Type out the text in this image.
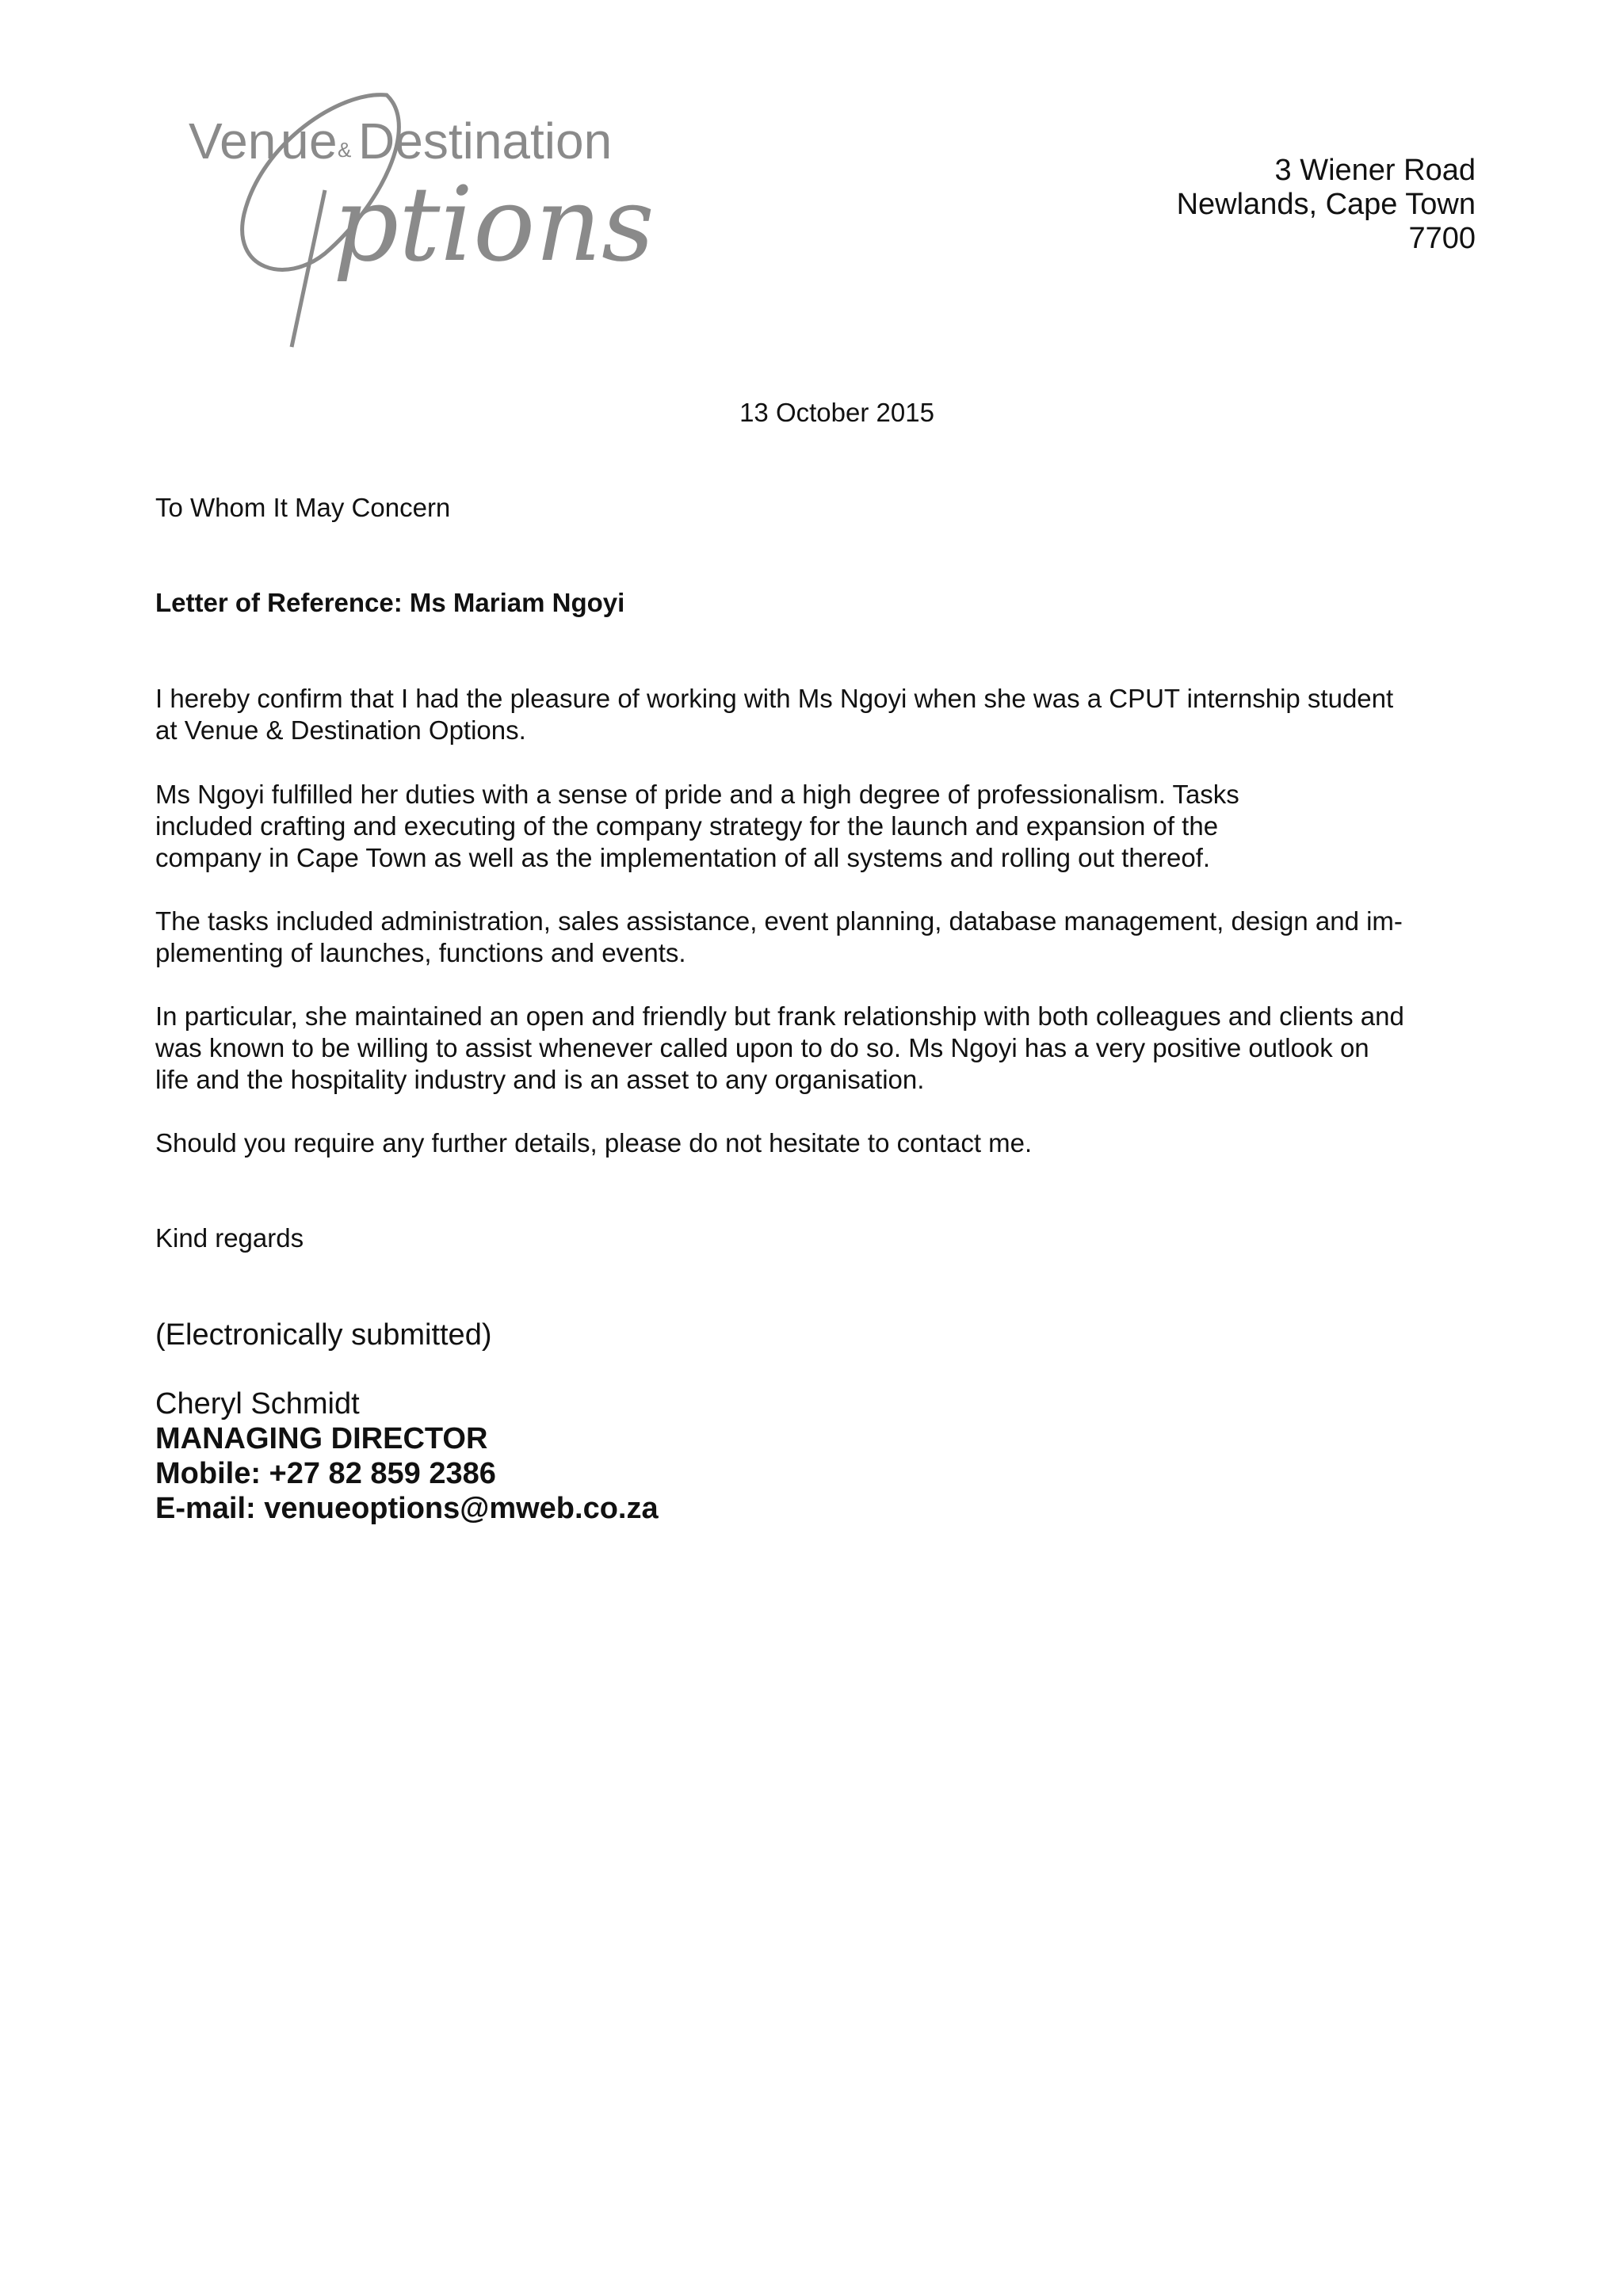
Ven u e & Destination
ptions	3 Wiener Road
Newlands, Cape Town
7700
13 October 2015

To Whom It May Concern

Letter of Reference: Ms Mariam Ngoyi

I hereby confirm that I had the pleasure of working with Ms Ngoyi when she was a CPUT internship student

at Venue & Destination Options.

Ms Ngoyi fulfilled her duties with a sense of pride and a high degree of professionalism. Tasks

included crafting and executing of the company strategy for the launch and expansion of the

company in Cape Town as well as the implementation of all systems and rolling out thereof.

The tasks included administration, sales assistance, event planning, database management, design and im-

plementing of launches, functions and events.

In particular, she maintained an open and friendly but frank relationship with both colleagues and clients and

was known to be willing to assist whenever called upon to do so. Ms Ngoyi has a very positive outlook on

life and the hospitality industry and is an asset to any organisation.

Should you require any further details, please do not hesitate to contact me.

Kind regards

(Electronically submitted)

Cheryl Schmidt

MANAGING DIRECTOR

Mobile: +27 82 859 2386

E-mail: venueoptions@mweb.co.za
